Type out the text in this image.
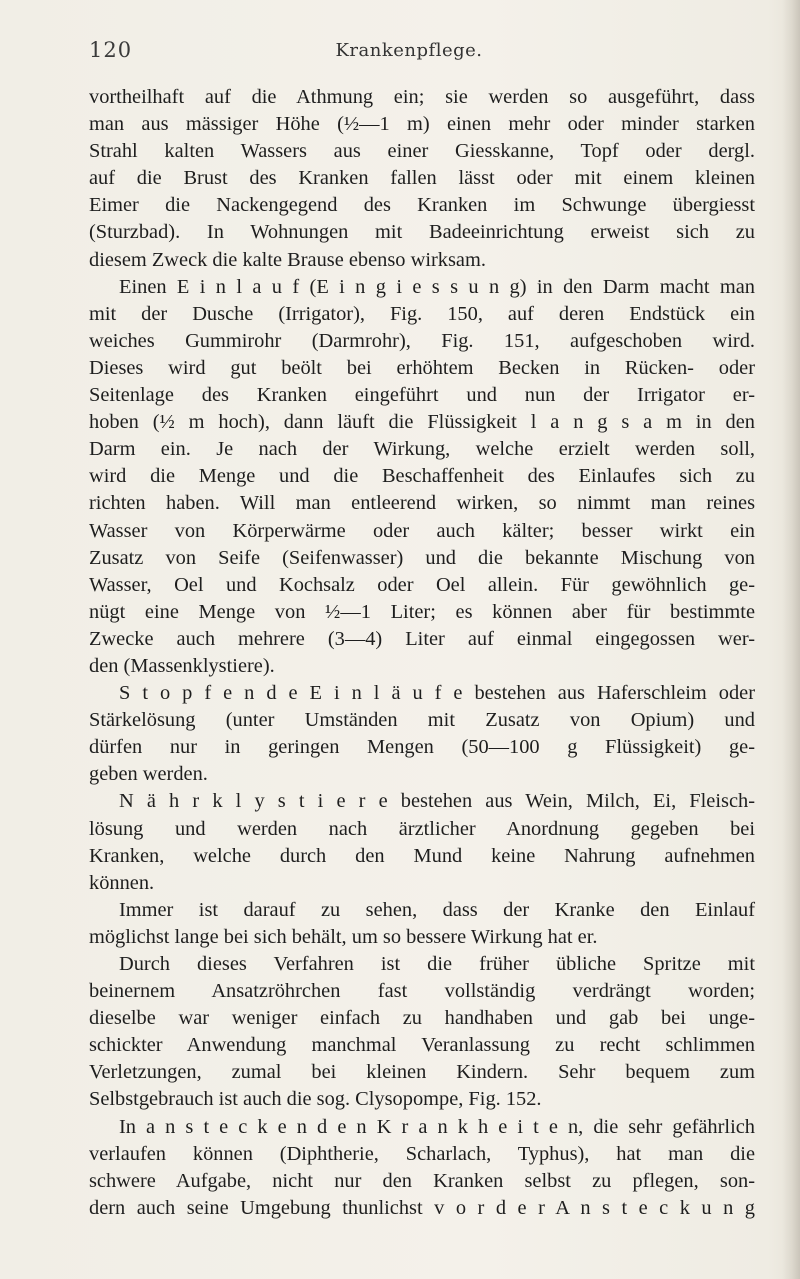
120	Krankenpflege.
vortheilhaft auf die Athmung ein; sie werden so ausgeführt, dass
man aus mässiger Höhe (½—1 m) einen mehr oder minder starken
Strahl kalten Wassers aus einer Giesskanne, Topf oder dergl.
auf die Brust des Kranken fallen lässt oder mit einem kleinen
Eimer die Nackengegend des Kranken im Schwunge übergiesst
(Sturzbad). In Wohnungen mit Badeeinrichtung erweist sich zu
diesem Zweck die kalte Brause ebenso wirksam.
Einen E i n l a u f (E i n g i e s s u n g) in den Darm macht man
mit der Dusche (Irrigator), Fig. 150, auf deren Endstück ein
weiches Gummirohr (Darmrohr), Fig. 151, aufgeschoben wird.
Dieses wird gut beölt bei erhöhtem Becken in Rücken- oder
Seitenlage des Kranken eingeführt und nun der Irrigator er-
hoben (½ m hoch), dann läuft die Flüssigkeit l a n g s a m in den
Darm ein. Je nach der Wirkung, welche erzielt werden soll,
wird die Menge und die Beschaffenheit des Einlaufes sich zu
richten haben. Will man entleerend wirken, so nimmt man reines
Wasser von Körperwärme oder auch kälter; besser wirkt ein
Zusatz von Seife (Seifenwasser) und die bekannte Mischung von
Wasser, Oel und Kochsalz oder Oel allein. Für gewöhnlich ge-
nügt eine Menge von ½—1 Liter; es können aber für bestimmte
Zwecke auch mehrere (3—4) Liter auf einmal eingegossen wer-
den (Massenklystiere).
S t o p f e n d e E i n l ä u f e bestehen aus Haferschleim oder
Stärkelösung (unter Umständen mit Zusatz von Opium) und
dürfen nur in geringen Mengen (50—100 g Flüssigkeit) ge-
geben werden.
N ä h r k l y s t i e r e bestehen aus Wein, Milch, Ei, Fleisch-
lösung und werden nach ärztlicher Anordnung gegeben bei
Kranken, welche durch den Mund keine Nahrung aufnehmen
können.
Immer ist darauf zu sehen, dass der Kranke den Einlauf
möglichst lange bei sich behält, um so bessere Wirkung hat er.
Durch dieses Verfahren ist die früher übliche Spritze mit
beinernem Ansatzröhrchen fast vollständig verdrängt worden;
dieselbe war weniger einfach zu handhaben und gab bei unge-
schickter Anwendung manchmal Veranlassung zu recht schlimmen
Verletzungen, zumal bei kleinen Kindern. Sehr bequem zum
Selbstgebrauch ist auch die sog. Clysopompe, Fig. 152.
In a n s t e c k e n d e n K r a n k h e i t e n, die sehr gefährlich
verlaufen können (Diphtherie, Scharlach, Typhus), hat man die
schwere Aufgabe, nicht nur den Kranken selbst zu pflegen, son-
dern auch seine Umgebung thunlichst v o r d e r A n s t e c k u n g
